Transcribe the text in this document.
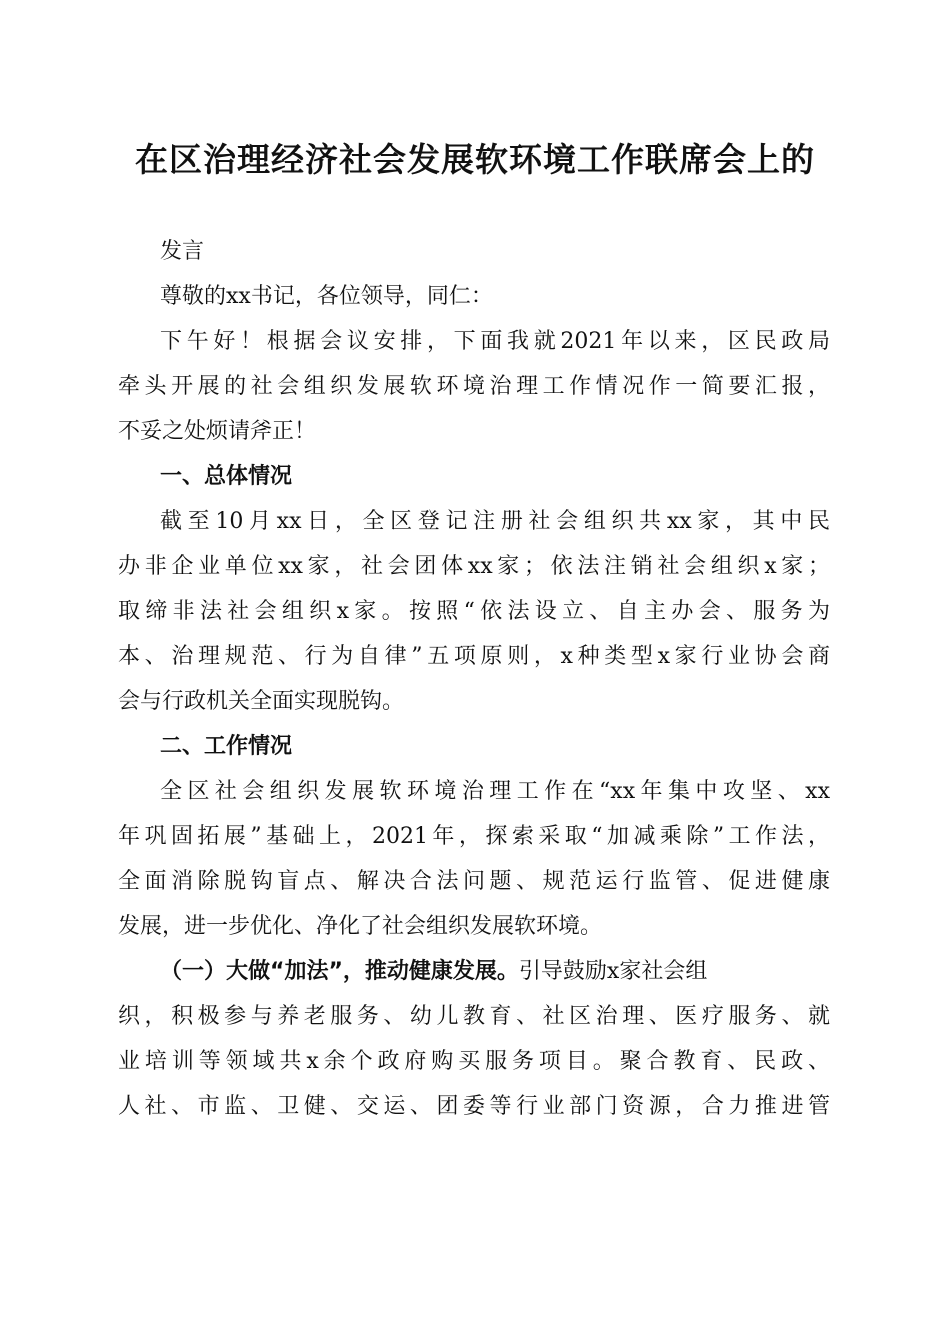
在区治理经济社会发展软环境工作联席会上的

发言

尊敬的xx书记，各位领导，同仁：

下午好！根据会议安排，下面我就2021年以来，区民政局

牵头开展的社会组织发展软环境治理工作情况作一简要汇报，

不妥之处烦请斧正！

一、总体情况

截至10月xx日，全区登记注册社会组织共xx家，其中民

办非企业单位xx家，社会团体xx家；依法注销社会组织x家；

取缔非法社会组织x家。按照“依法设立、自主办会、服务为

本、治理规范、行为自律”五项原则，x种类型x家行业协会商

会与行政机关全面实现脱钩。

二、工作情况

全区社会组织发展软环境治理工作在“xx年集中攻坚、xx

年巩固拓展”基础上，2021年，探索采取“加减乘除”工作法，

全面消除脱钩盲点、解决合法问题、规范运行监管、促进健康

发展，进一步优化、净化了社会组织发展软环境。

（一）大做“加法”，推动健康发展。引导鼓励x家社会组

织，积极参与养老服务、幼儿教育、社区治理、医疗服务、就

业培训等领域共x余个政府购买服务项目。聚合教育、民政、

人社、市监、卫健、交运、团委等行业部门资源，合力推进管
